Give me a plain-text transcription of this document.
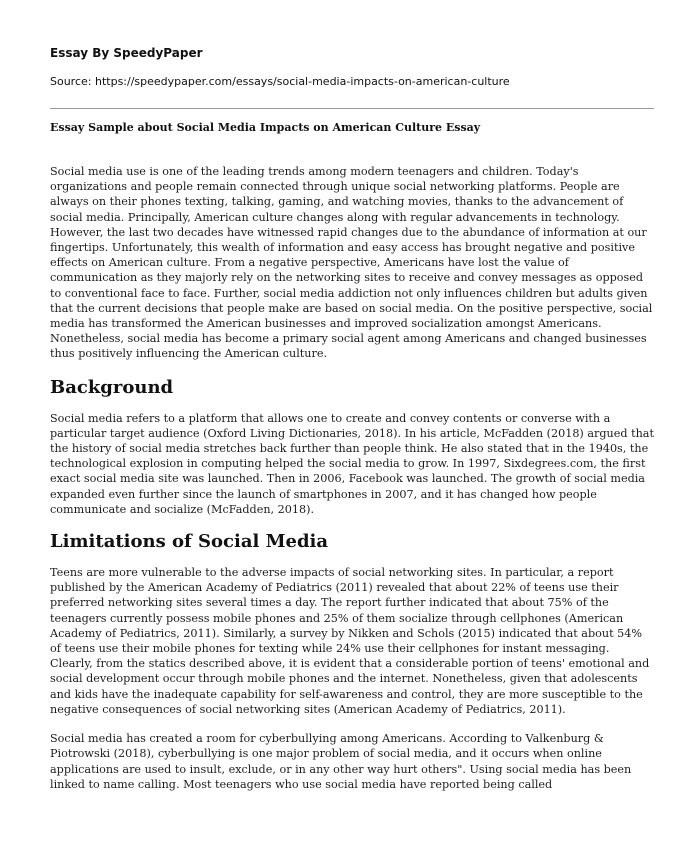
Essay By SpeedyPaper
Source: https://speedypaper.com/essays/social-media-impacts-on-american-culture
Essay Sample about Social Media Impacts on American Culture Essay

Social media use is one of the leading trends among modern teenagers and children. Today's organizations and people remain connected through unique social networking platforms. People are always on their phones texting, talking, gaming, and watching movies, thanks to the advancement of social media. Principally, American culture changes along with regular advancements in technology. However, the last two decades have witnessed rapid changes due to the abundance of information at our fingertips. Unfortunately, this wealth of information and easy access has brought negative and positive effects on American culture. From a negative perspective, Americans have lost the value of communication as they majorly rely on the networking sites to receive and convey messages as opposed to conventional face to face. Further, social media addiction not only influences children but adults given that the current decisions that people make are based on social media. On the positive perspective, social media has transformed the American businesses and improved socialization amongst Americans. Nonetheless, social media has become a primary social agent among Americans and changed businesses thus positively influencing the American culture.

Background

Social media refers to a platform that allows one to create and convey contents or converse with a particular target audience (Oxford Living Dictionaries, 2018). In his article, McFadden (2018) argued that the history of social media stretches back further than people think. He also stated that in the 1940s, the technological explosion in computing helped the social media to grow. In 1997, Sixdegrees.com, the first exact social media site was launched. Then in 2006, Facebook was launched. The growth of social media expanded even further since the launch of smartphones in 2007, and it has changed how people communicate and socialize (McFadden, 2018).

Limitations of Social Media

Teens are more vulnerable to the adverse impacts of social networking sites. In particular, a report published by the American Academy of Pediatrics (2011) revealed that about 22% of teens use their preferred networking sites several times a day. The report further indicated that about 75% of the teenagers currently possess mobile phones and 25% of them socialize through cellphones (American Academy of Pediatrics, 2011). Similarly, a survey by Nikken and Schols (2015) indicated that about 54% of teens use their mobile phones for texting while 24% use their cellphones for instant messaging. Clearly, from the statics described above, it is evident that a considerable portion of teens' emotional and social development occur through mobile phones and the internet. Nonetheless, given that adolescents and kids have the inadequate capability for self-awareness and control, they are more susceptible to the negative consequences of social networking sites (American Academy of Pediatrics, 2011).

Social media has created a room for cyberbullying among Americans. According to Valkenburg & Piotrowski (2018), cyberbullying is one major problem of social media, and it occurs when online applications are used to insult, exclude, or in any other way hurt others". Using social media has been linked to name calling. Most teenagers who use social media have reported being called
